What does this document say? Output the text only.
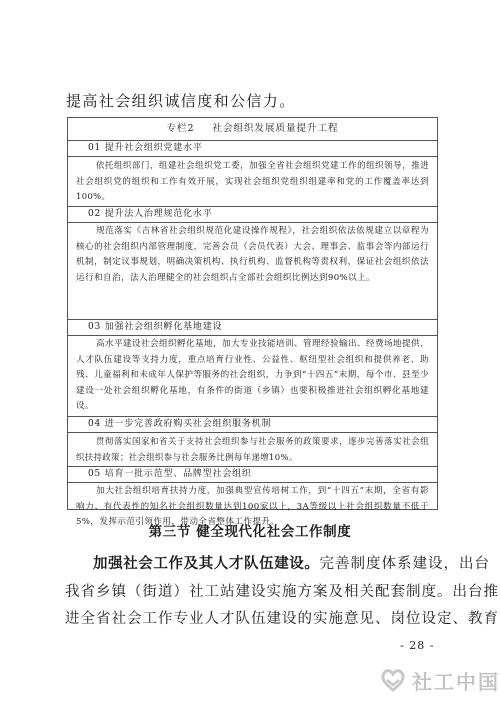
提高社会组织诚信度和公信力。
专栏2 社会组织发展质量提升工程
01 提升社会组织党建水平
依托组织部门，组建社会组织党工委，加强全省社会组织党建工作的组织领导，推进社会组织党的组织和工作有效开展，实现社会组织党组织组建率和党的工作覆盖率达到100%。
02 提升法人治理规范化水平
规范落实《吉林省社会组织规范化建设操作规程》，社会组织依法依规建立以章程为核心的社会组织内部管理制度，完善会员（会员代表）大会、理事会、监事会等内部运行机制，制定议事规划，明确决策机构、执行机构、监督机构等责权利，保证社会组织依法运行和自治，法人治理健全的社会组织占全部社会组织比例达到90%以上。
03 加强社会组织孵化基地建设
高水平建设社会组织孵化基地，加大专业技能培训、管理经验输出、经费场地提供、人才队伍建设等支持力度，重点培育行业性、公益性、枢纽型社会组织和提供养老、助残、儿童福利和未成年人保护等服务的社会组织，力争到“十四五”末期，每个市、县至少建设一处社会组织孵化基地，有条件的街道（乡镇）也要积极推进社会组织孵化基地建设。
04 进一步完善政府购买社会组织服务机制
贯彻落实国家和省关于支持社会组织参与社会服务的政策要求，逐步完善落实社会组织扶持政策；社会组织参与社会服务比例每年递增10%。
05 培育一批示范型、品牌型社会组织
加大社会组织培育扶持力度，加强典型宣传培树工作，到“十四五”末期，全省有影响力、有代表性的知名社会组织数量达到100家以上，3A等级以上社会组织数量不低于5%，发挥示范引领作用，带动全省整体工作提升。
第三节 健全现代化社会工作制度
加强社会工作及其人才队伍建设。完善制度体系建设，出台
我省乡镇（街道）社工站建设实施方案及相关配套制度。出台推
进全省社会工作专业人才队伍建设的实施意见、岗位设定、教育
- 28 -
社工中国
